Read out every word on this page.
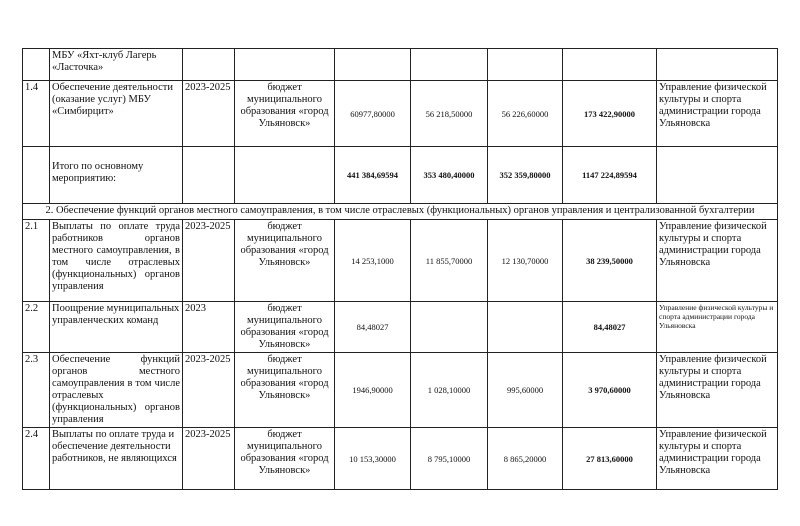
	МБУ «Яхт-клуб Лагерь «Ласточка»							
1.4	Обеспечение деятельности (оказание услуг) МБУ «Симбирцит»	2023-2025	бюджет муниципального образования «город Ульяновск»	60977,80000	56 218,50000	56 226,60000	173 422,90000	Управление физической культуры и спорта администрации города Ульяновска
	Итого по основному мероприятию:			441 384,69594	353 480,40000	352 359,80000	1147 224,89594	
2. Обеспечение функций органов местного самоуправления, в том числе отраслевых (функциональных) органов управления и централизованной бухгалтерии								
2.1	Выплаты по оплате труда работников органов местного самоуправления, в том числе отраслевых (функциональных) органов управления	2023-2025	бюджет муниципального образования «город Ульяновск»	14 253,1000	11 855,70000	12 130,70000	38 239,50000	Управление физической культуры и спорта администрации города Ульяновска
2.2	Поощрение муниципальных управленческих команд	2023	бюджет муниципального образования «город Ульяновск»	84,48027			84,48027	Управление физической культуры и спорта администрации города Ульяновска
2.3	Обеспечение функций органов местного самоуправления в том числе отраслевых (функциональных) органов управления	2023-2025	бюджет муниципального образования «город Ульяновск»	1946,90000	1 028,10000	995,60000	3 970,60000	Управление физической культуры и спорта администрации города Ульяновска
2.4	Выплаты по оплате труда и обеспечение деятельности работников, не являющихся	2023-2025	бюджет муниципального образования «город Ульяновск»	10 153,30000	8 795,10000	8 865,20000	27 813,60000	Управление физической культуры и спорта администрации города Ульяновска
